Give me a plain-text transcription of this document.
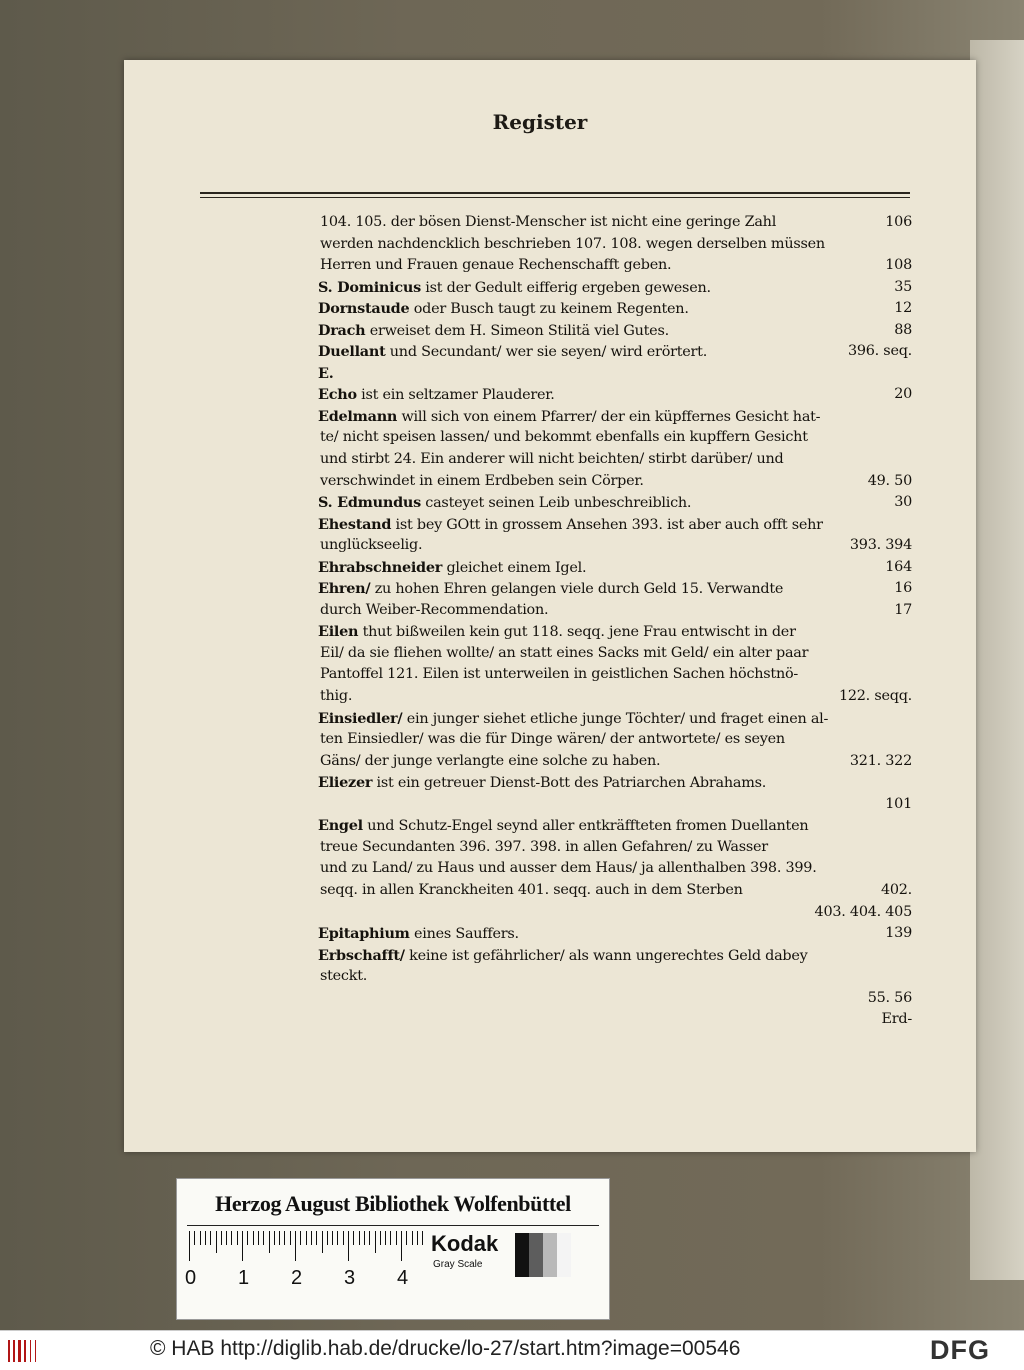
Register
104. 105. der bösen Dienst-Menscher ist nicht eine geringe Zahl	106
werden nachdencklich beschrieben 107. 108. wegen derselben müssen
Herren und Frauen genaue Rechenschafft geben.	108
S. Dominicus ist der Gedult eifferig ergeben gewesen.	35
Dornstaude oder Busch taugt zu keinem Regenten.	12
Drach erweiset dem H. Simeon Stilitä viel Gutes.	88
Duellant und Secundant/ wer sie seyen/ wird erörtert.	396. seq.
E.
Echo ist ein seltzamer Plauderer.	20
Edelmann will sich von einem Pfarrer/ der ein küpffernes Gesicht hat-
te/ nicht speisen lassen/ und bekommt ebenfalls ein kupffern Gesicht
und stirbt 24. Ein anderer will nicht beichten/ stirbt darüber/ und
verschwindet in einem Erdbeben sein Cörper.	49. 50
S. Edmundus casteyet seinen Leib unbeschreiblich.	30
Ehestand ist bey GOtt in grossem Ansehen 393. ist aber auch offt sehr
unglückseelig.	393. 394
Ehrabschneider gleichet einem Igel.	164
Ehren/ zu hohen Ehren gelangen viele durch Geld 15. Verwandte	16
durch Weiber-Recommendation.	17
Eilen thut bißweilen kein gut 118. seqq. jene Frau entwischt in der
Eil/ da sie fliehen wollte/ an statt eines Sacks mit Geld/ ein alter paar
Pantoffel 121. Eilen ist unterweilen in geistlichen Sachen höchstnö-
thig.	122. seqq.
Einsiedler/ ein junger siehet etliche junge Töchter/ und fraget einen al-
ten Einsiedler/ was die für Dinge wären/ der antwortete/ es seyen
Gäns/ der junge verlangte eine solche zu haben.	321. 322
Eliezer ist ein getreuer Dienst-Bott des Patriarchen Abrahams.
101
Engel und Schutz-Engel seynd aller entkräffteten fromen Duellanten
treue Secundanten 396. 397. 398. in allen Gefahren/ zu Wasser
und zu Land/ zu Haus und ausser dem Haus/ ja allenthalben 398. 399.
seqq. in allen Kranckheiten 401. seqq. auch in dem Sterben	402.
403. 404. 405
Epitaphium eines Sauffers.	139
Erbschafft/ keine ist gefährlicher/ als wann ungerechtes Geld dabey
steckt.
55. 56
Erd-
Herzog August Bibliothek Wolfenbüttel
0 1 2 3 4
Kodak
Gray Scale
© HAB http://diglib.hab.de/drucke/lo-27/start.htm?image=00546	DFG
